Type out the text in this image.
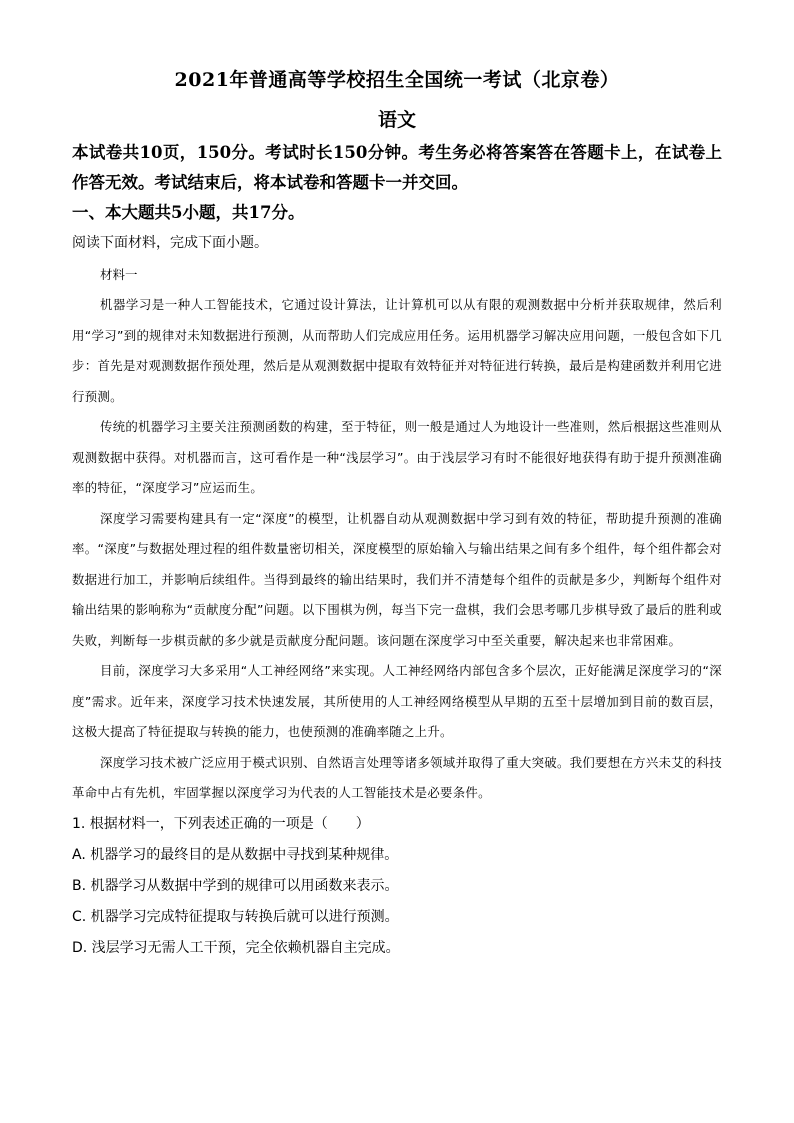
2021年普通高等学校招生全国统一考试（北京卷）
语文

本试卷共10页，150分。考试时长150分钟。考生务必将答案答在答题卡上，在试卷上作答无效。考试结束后，将本试卷和答题卡一并交回。

一、本大题共5小题，共17分。

阅读下面材料，完成下面小题。

材料一

机器学习是一种人工智能技术，它通过设计算法，让计算机可以从有限的观测数据中分析并获取规律，然后利用“学习”到的规律对未知数据进行预测，从而帮助人们完成应用任务。运用机器学习解决应用问题，一般包含如下几步：首先是对观测数据作预处理，然后是从观测数据中提取有效特征并对特征进行转换，最后是构建函数并利用它进行预测。

传统的机器学习主要关注预测函数的构建，至于特征，则一般是通过人为地设计一些准则，然后根据这些准则从观测数据中获得。对机器而言，这可看作是一种“浅层学习”。由于浅层学习有时不能很好地获得有助于提升预测准确率的特征，“深度学习”应运而生。

深度学习需要构建具有一定“深度”的模型，让机器自动从观测数据中学习到有效的特征，帮助提升预测的准确率。“深度”与数据处理过程的组件数量密切相关，深度模型的原始输入与输出结果之间有多个组件，每个组件都会对数据进行加工，并影响后续组件。当得到最终的输出结果时，我们并不清楚每个组件的贡献是多少，判断每个组件对输出结果的影响称为“贡献度分配”问题。以下围棋为例，每当下完一盘棋，我们会思考哪几步棋导致了最后的胜利或失败，判断每一步棋贡献的多少就是贡献度分配问题。该问题在深度学习中至关重要，解决起来也非常困难。

目前，深度学习大多采用“人工神经网络”来实现。人工神经网络内部包含多个层次，正好能满足深度学习的“深度”需求。近年来，深度学习技术快速发展，其所使用的人工神经网络模型从早期的五至十层增加到目前的数百层，这极大提高了特征提取与转换的能力，也使预测的准确率随之上升。

深度学习技术被广泛应用于模式识别、自然语言处理等诸多领域并取得了重大突破。我们要想在方兴未艾的科技革命中占有先机，牢固掌握以深度学习为代表的人工智能技术是必要条件。

1. 根据材料一，下列表述正确的一项是（　　）

A. 机器学习的最终目的是从数据中寻找到某种规律。

B. 机器学习从数据中学到的规律可以用函数来表示。

C. 机器学习完成特征提取与转换后就可以进行预测。

D. 浅层学习无需人工干预，完全依赖机器自主完成。
